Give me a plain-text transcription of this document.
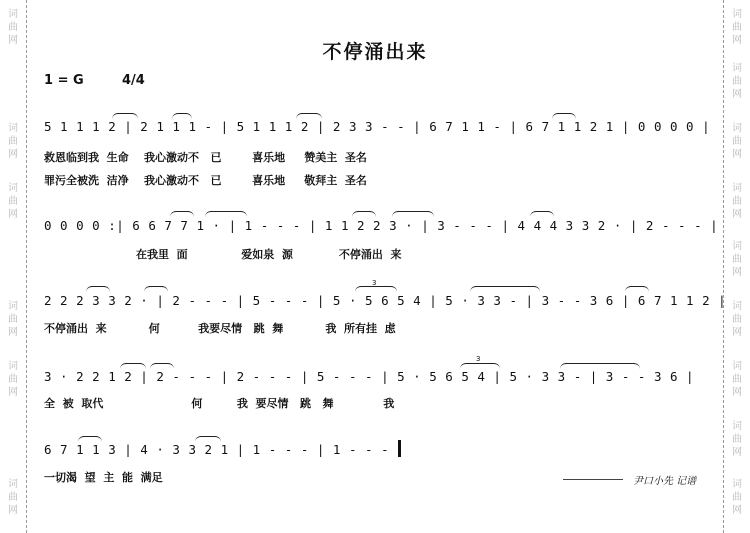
词
曲
网
词
曲
网
词
曲
网
词
曲
网
词
曲
网
词
曲
网
词
曲
网
词
曲
网
词
曲
网
词
曲
网
词
曲
网
词
曲
网
词
曲
网
词
曲
网
词
曲
网
不停涌出来
1 = G	4/4
5 1 1 1 2 | 2 1 1 1 - | 5 1 1 1 2 | 2 3 3 - - | 6 7 1 1 - | 6 7 1 1 2 1 | 0 0 0 0 |
救恩临到我  生命    我心激动不   已        喜乐地     赞美主  圣名
罪污全被洗  洁净    我心激动不   已        喜乐地     敬拜主  圣名
0 0 0 0 :| 6 6 7 7 1 · | 1 - - - | 1 1 2 2 3 · | 3 - - - | 4 4 4 3 3 2 · | 2 - - - |
在我里  面              爱如泉  源            不停涌出  来
3
2 2 2 3 3 2 · | 2 - - - | 5 - - - | 5 · 5 6 5 4 | 5 · 3 3 - | 3 - - 3 6 | 6 7 1 1 2 |
不停涌出  来           何          我要尽情   跳  舞           我  所有挂  虑
3
3 · 2 2 1 2 | 2 - - - | 2 - - - | 5 - - - | 5 · 5 6 5 4 | 5 · 3 3 - | 3 - - 3 6 |
全  被  取代                       何         我  要尽情   跳   舞             我
6 7 1 1 3 | 4 · 3 3 2 1 | 1 - - - | 1 - - -
一切渴  望  主  能  满足	尹口小先 记谱
